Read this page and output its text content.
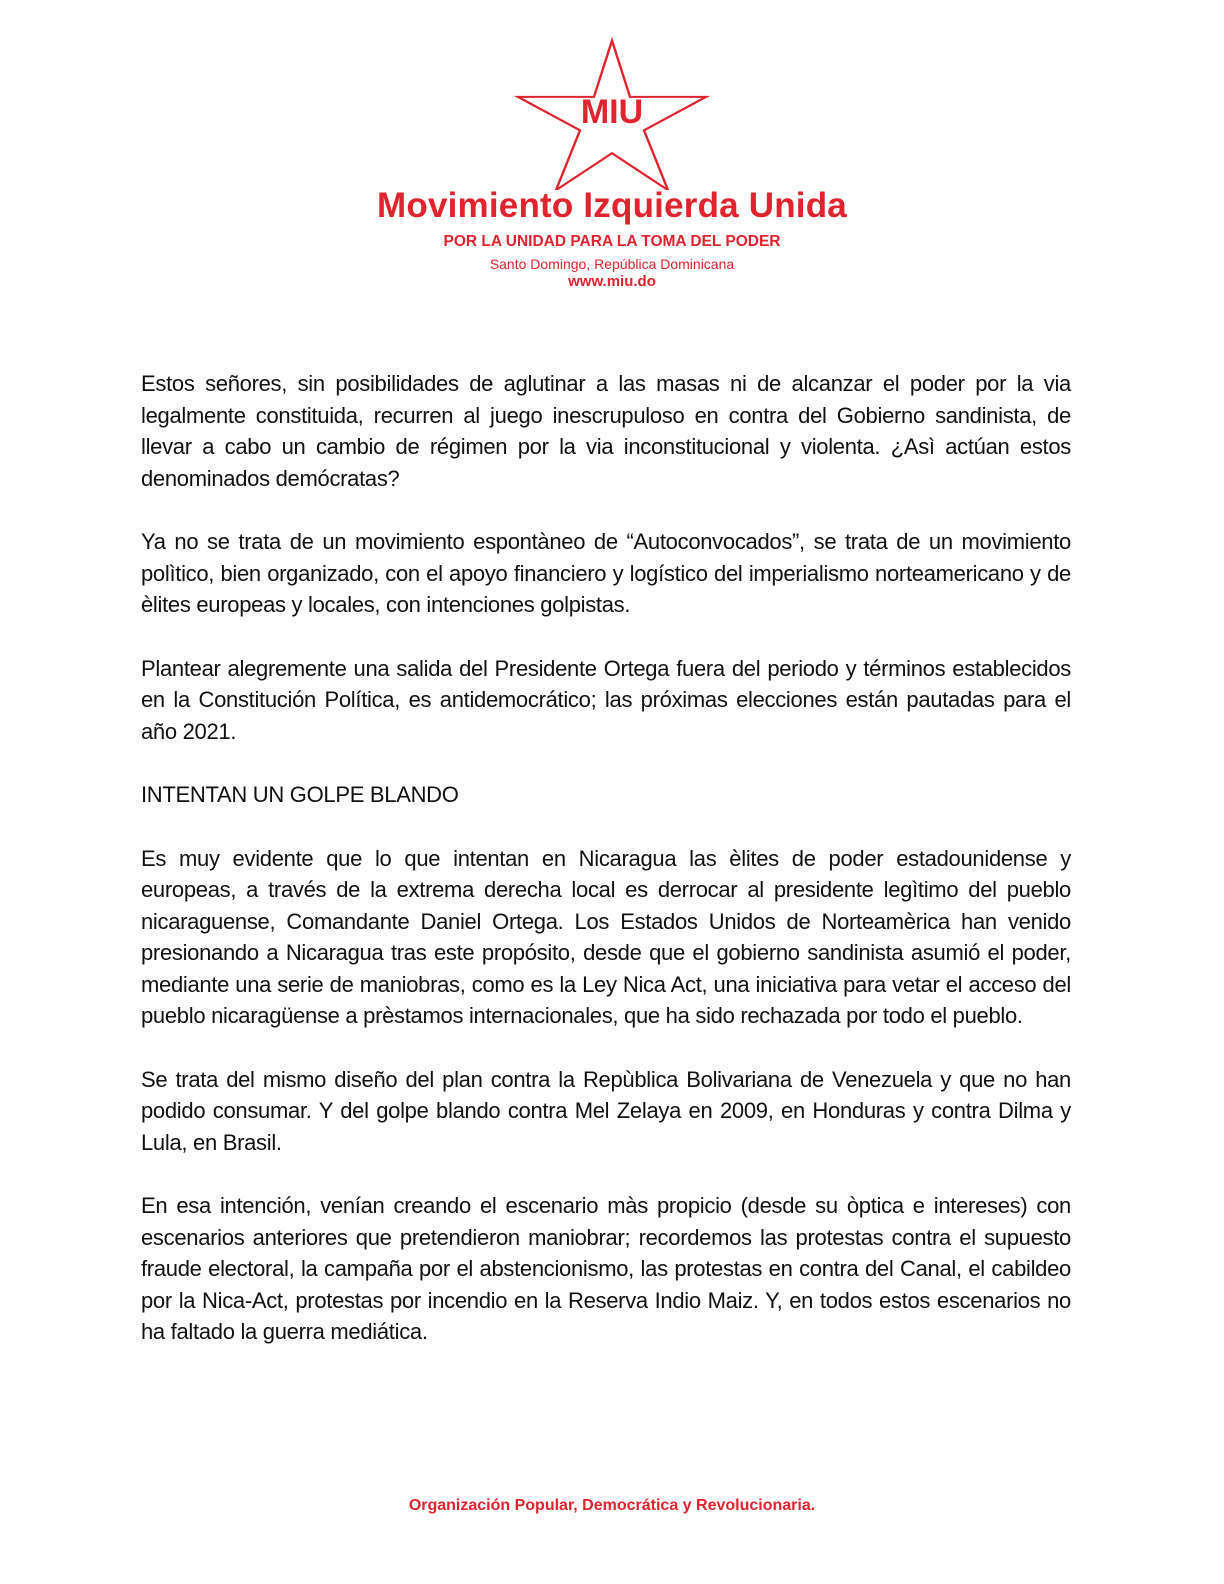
MIU
Movimiento Izquierda Unida
POR LA UNIDAD PARA LA TOMA DEL PODER
Santo Domingo, República Dominicana
www.miu.do

Estos señores, sin posibilidades de aglutinar a las masas ni de alcanzar el poder por la via legalmente constituida, recurren al juego inescrupuloso en contra del Gobierno sandinista, de llevar a cabo un cambio de régimen por la via inconstitucional y violenta. ¿Asì actúan estos denominados demócratas?

Ya no se trata de un movimiento espontàneo de “Autoconvocados”, se trata de un movimiento polìtico, bien organizado, con el apoyo financiero y logístico del imperialismo norteamericano y de èlites europeas y locales, con intenciones golpistas.

Plantear alegremente una salida del Presidente Ortega fuera del periodo y términos establecidos en la Constitución Política, es antidemocrático; las próximas elecciones están pautadas para el año 2021.

INTENTAN UN GOLPE BLANDO

Es muy evidente que lo que intentan en Nicaragua las èlites de poder estadounidense y europeas, a través de la extrema derecha local es derrocar al presidente legìtimo del pueblo nicaraguense, Comandante Daniel Ortega. Los Estados Unidos de Norteamèrica han venido presionando a Nicaragua tras este propósito, desde que el gobierno sandinista asumió el poder, mediante una serie de maniobras, como es la Ley Nica Act, una iniciativa para vetar el acceso del pueblo nicaragüense a prèstamos internacionales, que ha sido rechazada por todo el pueblo.

Se trata del mismo diseño del plan contra la Repùblica Bolivariana de Venezuela y que no han podido consumar. Y del golpe blando contra Mel Zelaya en 2009, en Honduras y contra Dilma y Lula, en Brasil.

En esa intención, venían creando el escenario màs propicio (desde su òptica e intereses) con escenarios anteriores que pretendieron maniobrar; recordemos las protestas contra el supuesto fraude electoral, la campaña por el abstencionismo, las protestas en contra del Canal, el cabildeo por la Nica-Act, protestas por incendio en la Reserva Indio Maiz. Y, en todos estos escenarios no ha faltado la guerra mediática.

Organización Popular, Democrática y Revolucionaria.
